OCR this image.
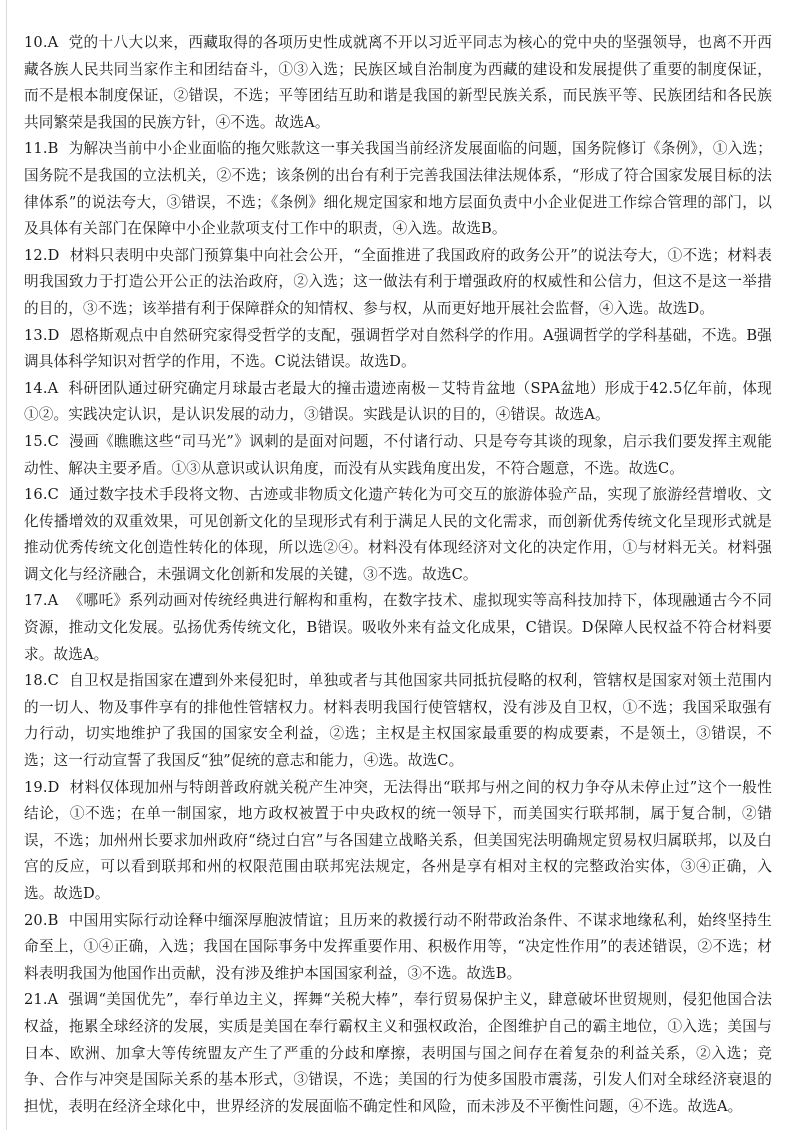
10.A 党的十八大以来，西藏取得的各项历史性成就离不开以习近平同志为核心的党中央的坚强领导，也离不开西藏各族人民共同当家作主和团结奋斗，①③入选；民族区域自治制度为西藏的建设和发展提供了重要的制度保证，而不是根本制度保证，②错误，不选；平等团结互助和谐是我国的新型民族关系，而民族平等、民族团结和各民族共同繁荣是我国的民族方针，④不选。故选A。

11.B 为解决当前中小企业面临的拖欠账款这一事关我国当前经济发展面临的问题，国务院修订《条例》，①入选；国务院不是我国的立法机关，②不选；该条例的出台有利于完善我国法律法规体系，“形成了符合国家发展目标的法律体系”的说法夸大，③错误，不选；《条例》细化规定国家和地方层面负责中小企业促进工作综合管理的部门，以及具体有关部门在保障中小企业款项支付工作中的职责，④入选。故选B。

12.D 材料只表明中央部门预算集中向社会公开，“全面推进了我国政府的政务公开”的说法夸大，①不选；材料表明我国致力于打造公开公正的法治政府，②入选；这一做法有利于增强政府的权威性和公信力，但这不是这一举措的目的，③不选；该举措有利于保障群众的知情权、参与权，从而更好地开展社会监督，④入选。故选D。

13.D 恩格斯观点中自然研究家得受哲学的支配，强调哲学对自然科学的作用。A强调哲学的学科基础，不选。B强调具体科学知识对哲学的作用，不选。C说法错误。故选D。

14.A 科研团队通过研究确定月球最古老最大的撞击遗迹南极－艾特肯盆地（SPA盆地）形成于42.5亿年前，体现①②。实践决定认识，是认识发展的动力，③错误。实践是认识的目的，④错误。故选A。

15.C 漫画《瞧瞧这些“司马光”》讽刺的是面对问题，不付诸行动、只是夸夸其谈的现象，启示我们要发挥主观能动性、解决主要矛盾。①③从意识或认识角度，而没有从实践角度出发，不符合题意，不选。故选C。

16.C 通过数字技术手段将文物、古迹或非物质文化遗产转化为可交互的旅游体验产品，实现了旅游经营增收、文化传播增效的双重效果，可见创新文化的呈现形式有利于满足人民的文化需求，而创新优秀传统文化呈现形式就是推动优秀传统文化创造性转化的体现，所以选②④。材料没有体现经济对文化的决定作用，①与材料无关。材料强调文化与经济融合，未强调文化创新和发展的关键，③不选。故选C。

17.A 《哪吒》系列动画对传统经典进行解构和重构，在数字技术、虚拟现实等高科技加持下，体现融通古今不同资源，推动文化发展。弘扬优秀传统文化，B错误。吸收外来有益文化成果，C错误。D保障人民权益不符合材料要求。故选A。

18.C 自卫权是指国家在遭到外来侵犯时，单独或者与其他国家共同抵抗侵略的权利，管辖权是国家对领土范围内的一切人、物及事件享有的排他性管辖权力。材料表明我国行使管辖权，没有涉及自卫权，①不选；我国采取强有力行动，切实地维护了我国的国家安全利益，②选；主权是主权国家最重要的构成要素，不是领土，③错误，不选；这一行动宣誓了我国反“独”促统的意志和能力，④选。故选C。

19.D 材料仅体现加州与特朗普政府就关税产生冲突，无法得出“联邦与州之间的权力争夺从未停止过”这个一般性结论，①不选；在单一制国家，地方政权被置于中央政权的统一领导下，而美国实行联邦制，属于复合制，②错误，不选；加州州长要求加州政府“绕过白宫”与各国建立战略关系，但美国宪法明确规定贸易权归属联邦，以及白宫的反应，可以看到联邦和州的权限范围由联邦宪法规定，各州是享有相对主权的完整政治实体，③④正确，入选。故选D。

20.B 中国用实际行动诠释中缅深厚胞波情谊；且历来的救援行动不附带政治条件、不谋求地缘私利，始终坚持生命至上，①④正确，入选；我国在国际事务中发挥重要作用、积极作用等，“决定性作用”的表述错误，②不选；材料表明我国为他国作出贡献，没有涉及维护本国国家利益，③不选。故选B。

21.A 强调“美国优先”，奉行单边主义，挥舞“关税大棒”，奉行贸易保护主义，肆意破坏世贸规则，侵犯他国合法权益，拖累全球经济的发展，实质是美国在奉行霸权主义和强权政治，企图维护自己的霸主地位，①入选；美国与日本、欧洲、加拿大等传统盟友产生了严重的分歧和摩擦，表明国与国之间存在着复杂的利益关系，②入选；竞争、合作与冲突是国际关系的基本形式，③错误，不选；美国的行为使多国股市震荡，引发人们对全球经济衰退的担忧，表明在经济全球化中，世界经济的发展面临不确定性和风险，而未涉及不平衡性问题，④不选。故选A。
